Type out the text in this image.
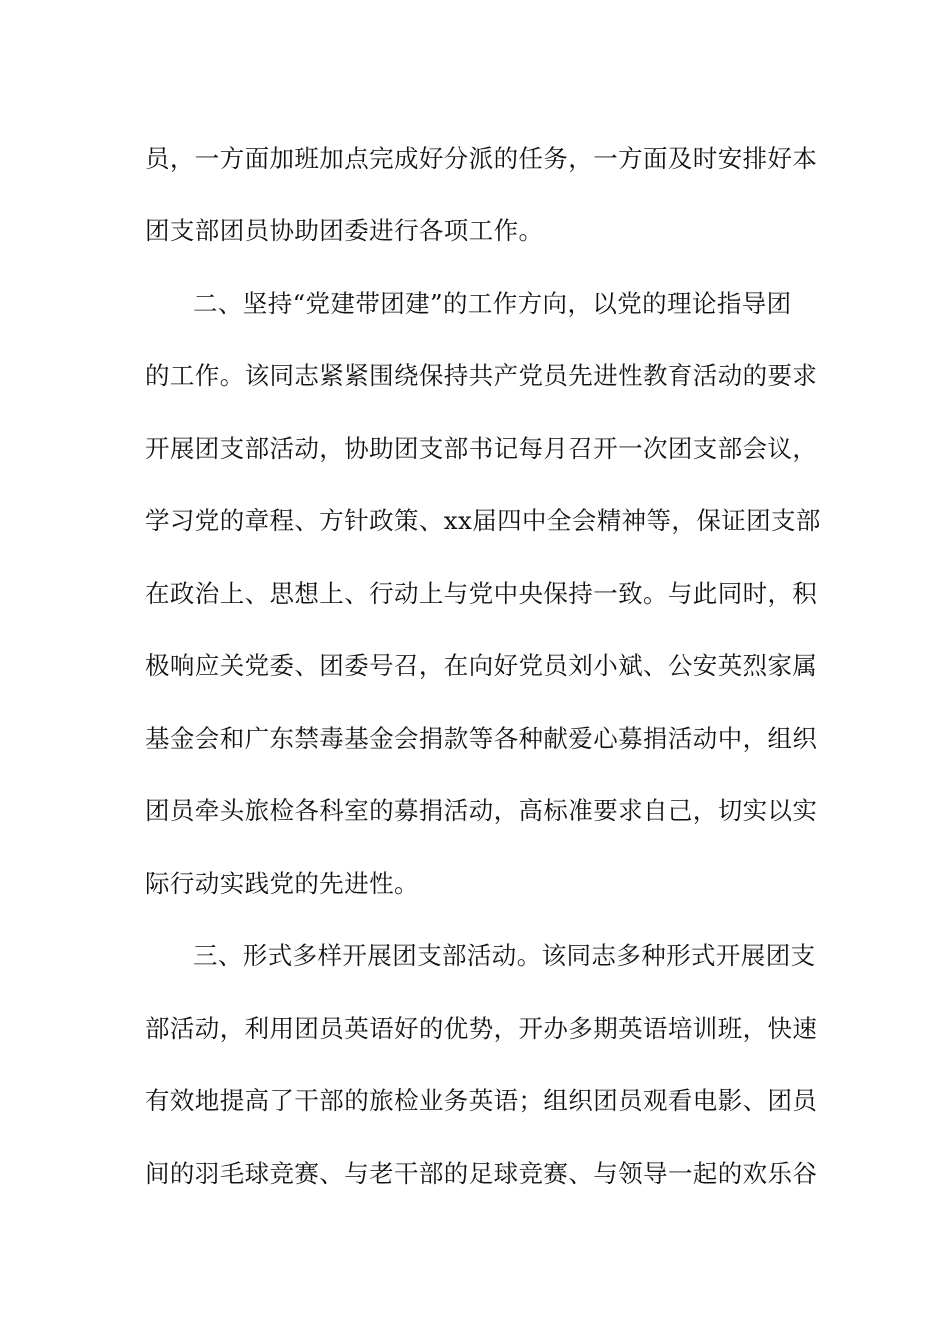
员，一方面加班加点完成好分派的任务，一方面及时安排好本
团支部团员协助团委进行各项工作。
二、坚持“党建带团建”的工作方向，以党的理论指导团
的工作。该同志紧紧围绕保持共产党员先进性教育活动的要求
开展团支部活动，协助团支部书记每月召开一次团支部会议，
学习党的章程、方针政策、xx届四中全会精神等，保证团支部
在政治上、思想上、行动上与党中央保持一致。与此同时，积
极响应关党委、团委号召，在向好党员刘小斌、公安英烈家属
基金会和广东禁毒基金会捐款等各种献爱心募捐活动中，组织
团员牵头旅检各科室的募捐活动，高标准要求自己，切实以实
际行动实践党的先进性。
三、形式多样开展团支部活动。该同志多种形式开展团支
部活动，利用团员英语好的优势，开办多期英语培训班，快速
有效地提高了干部的旅检业务英语；组织团员观看电影、团员
间的羽毛球竞赛、与老干部的足球竞赛、与领导一起的欢乐谷
